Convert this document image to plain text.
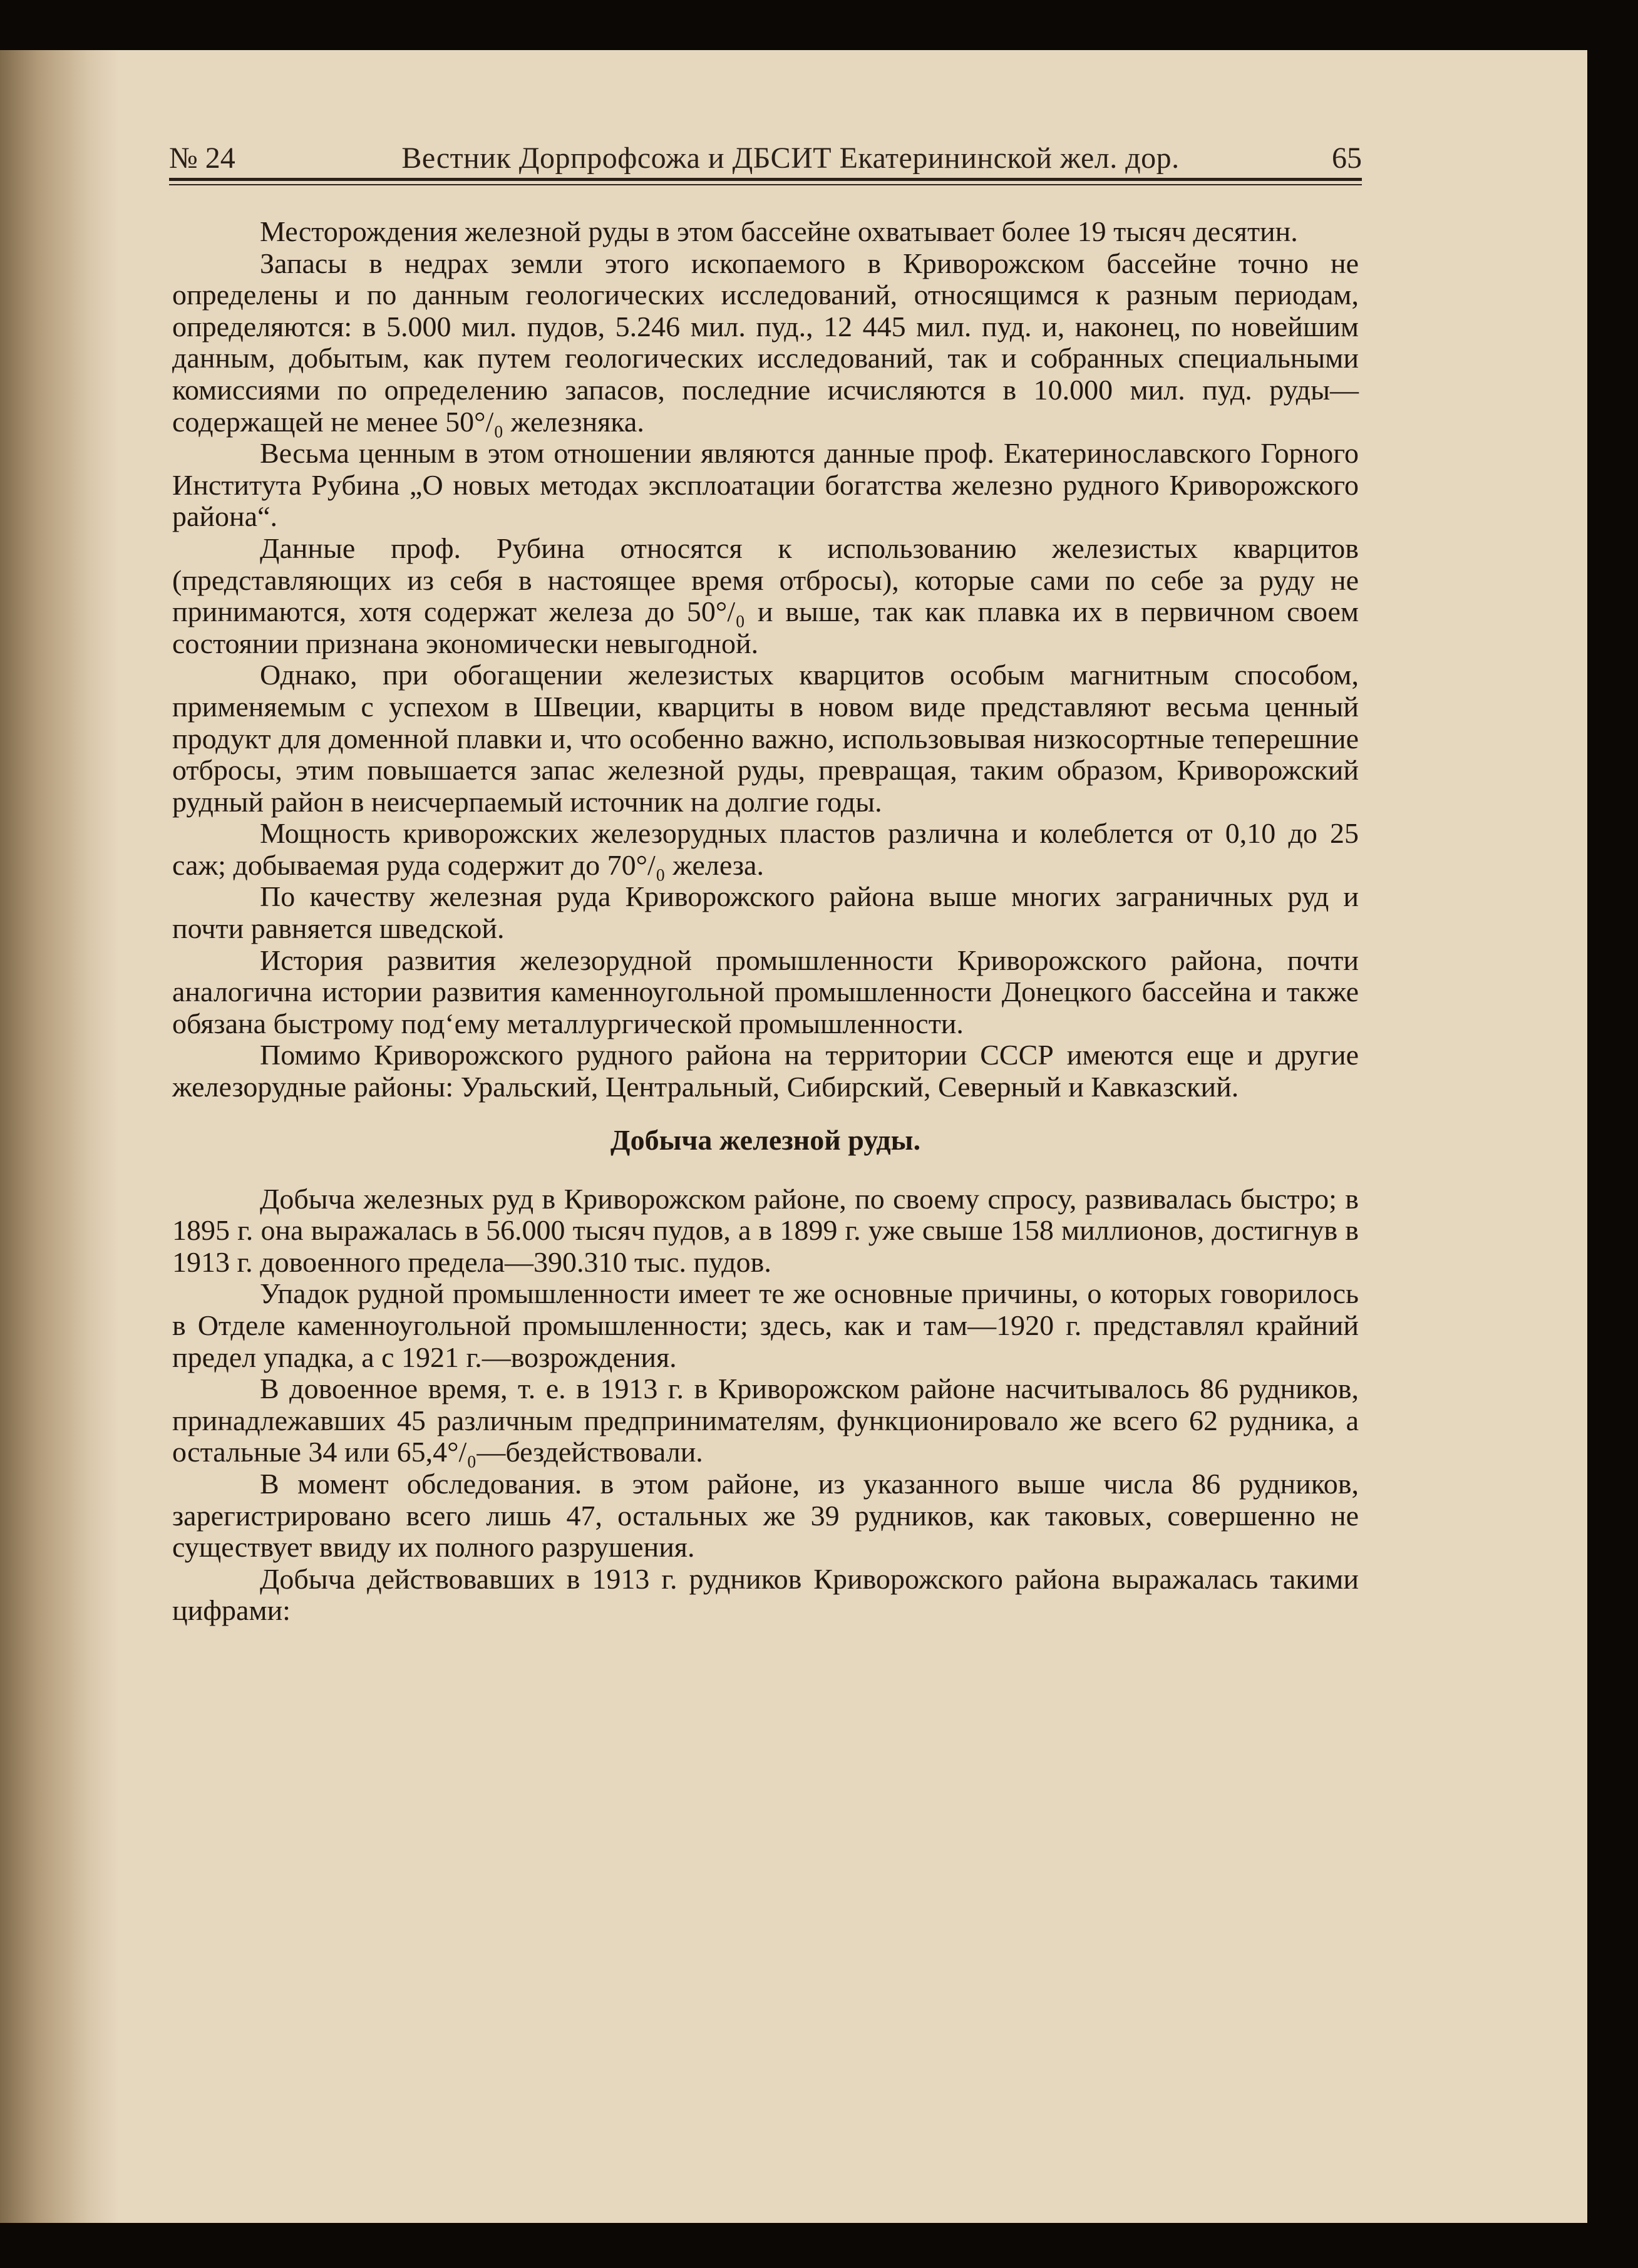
№ 24	Вестник Дорпрофсожа и ДБСИТ Екатерининской жел. дор.	65

Месторождения железной руды в этом бассейне охватывает более 19 тысяч десятин.

Запасы в недрах земли этого ископаемого в Криворожском бассейне точно не определены и по данным геологических исследований, относящимся к разным периодам, определяются: в 5.000 мил. пудов, 5.246 мил. пуд., 12 445 мил. пуд. и, наконец, по новейшим данным, добытым, как путем геологических исследований, так и собранных специальными комиссиями по определению запасов, последние исчисляются в 10.000 мил. пуд. руды—содержащей не менее 50°/₀ железняка.

Весьма ценным в этом отношении являются данные проф. Екатеринославского Горного Института Рубина „О новых методах эксплоатации богатства железно рудного Криворожского района“.

Данные проф. Рубина относятся к использованию железистых кварцитов (представляющих из себя в настоящее время отбросы), которые сами по себе за руду не принимаются, хотя содержат железа до 50°/₀ и выше, так как плавка их в первичном своем состоянии признана экономически невыгодной.

Однако, при обогащении железистых кварцитов особым магнитным способом, применяемым с успехом в Швеции, кварциты в новом виде представляют весьма ценный продукт для доменной плавки и, что особенно важно, использовывая низкосортные теперешние отбросы, этим повышается запас железной руды, превращая, таким образом, Криворожский рудный район в неисчерпаемый источник на долгие годы.

Мощность криворожских железорудных пластов различна и колеблется от 0,10 до 25 саж; добываемая руда содержит до 70°/₀ железа.

По качеству железная руда Криворожского района выше многих заграничных руд и почти равняется шведской.

История развития железорудной промышленности Криворожского района, почти аналогична истории развития каменноугольной промышленности Донецкого бассейна и также обязана быстрому под‘ему металлургической промышленности.

Помимо Криворожского рудного района на территории СССР имеются еще и другие железорудные районы: Уральский, Центральный, Сибирский, Северный и Кавказский.

Добыча железной руды.

Добыча железных руд в Криворожском районе, по своему спросу, развивалась быстро; в 1895 г. она выражалась в 56.000 тысяч пудов, а в 1899 г. уже свыше 158 миллионов, достигнув в 1913 г. довоенного предела—390.310 тыс. пудов.

Упадок рудной промышленности имеет те же основные причины, о которых говорилось в Отделе каменноугольной промышленности; здесь, как и там—1920 г. представлял крайний предел упадка, а с 1921 г.—возрождения.

В довоенное время, т. е. в 1913 г. в Криворожском районе насчитывалось 86 рудников, принадлежавших 45 различным предпринимателям, функционировало же всего 62 рудника, а остальные 34 или 65,4°/₀—бездействовали.

В момент обследования. в этом районе, из указанного выше числа 86 рудников, зарегистрировано всего лишь 47, остальных же 39 рудников, как таковых, совершенно не существует ввиду их полного разрушения.

Добыча действовавших в 1913 г. рудников Криворожского района выражалась такими цифрами:
